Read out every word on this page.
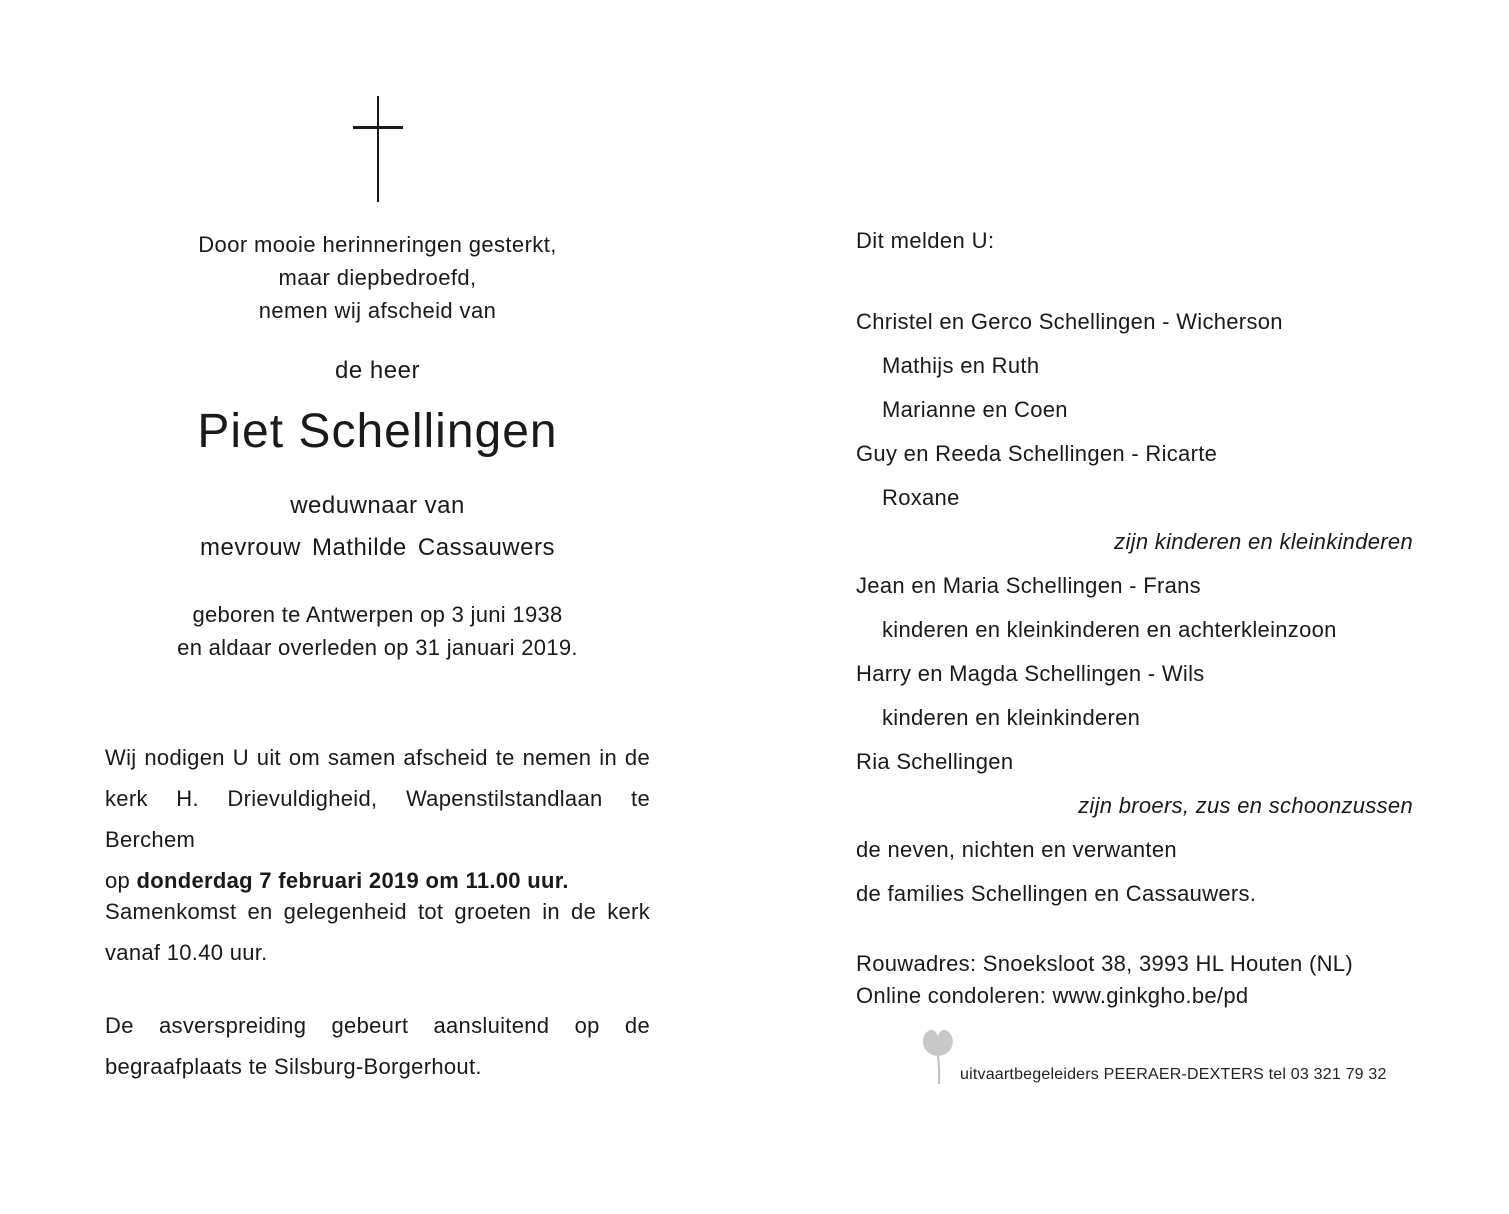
Door mooie herinneringen gesterkt,
maar diepbedroefd,
nemen wij afscheid van
de heer
Piet Schellingen
weduwnaar van
mevrouw Mathilde Cassauwers
geboren te Antwerpen op 3 juni 1938
en aldaar overleden op 31 januari 2019.
Wij nodigen U uit om samen afscheid te nemen in de
kerk H. Drievuldigheid, Wapenstilstandlaan te Berchem
op donderdag 7 februari 2019 om 11.00 uur.
Samenkomst en gelegenheid tot groeten in de kerk
vanaf 10.40 uur.
De asverspreiding gebeurt aansluitend op de
begraafplaats te Silsburg-Borgerhout.
Dit melden U:
Christel en Gerco Schellingen - Wicherson
Mathijs en Ruth
Marianne en Coen
Guy en Reeda Schellingen - Ricarte
Roxane
zijn kinderen en kleinkinderen
Jean en Maria Schellingen - Frans
kinderen en kleinkinderen en achterkleinzoon
Harry en Magda Schellingen - Wils
kinderen en kleinkinderen
Ria Schellingen
zijn broers, zus en schoonzussen
de neven, nichten en verwanten
de families Schellingen en Cassauwers.
Rouwadres: Snoeksloot 38, 3993 HL Houten (NL)
Online condoleren: www.ginkgho.be/pd
uitvaartbegeleiders PEERAER-DEXTERS tel 03 321 79 32
